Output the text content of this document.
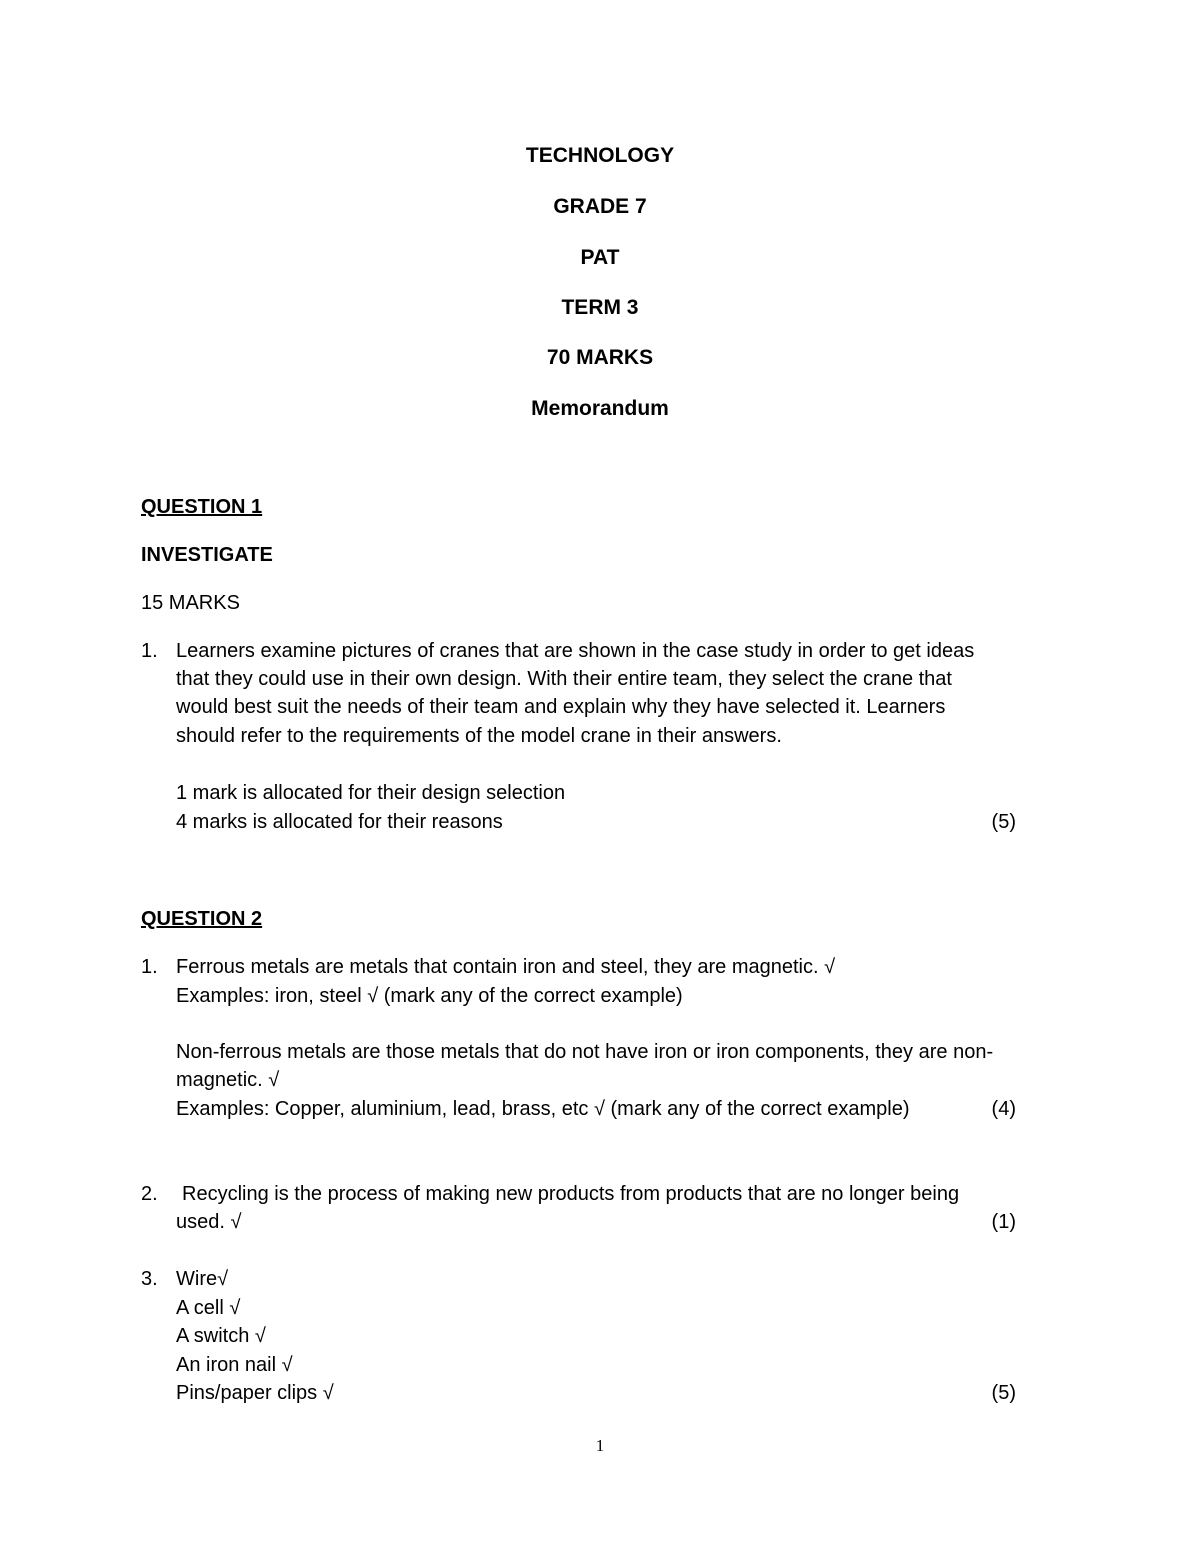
TECHNOLOGY
GRADE 7
PAT
TERM 3
70 MARKS
Memorandum
QUESTION 1
INVESTIGATE
15 MARKS
1. Learners examine pictures of cranes that are shown in the case study in order to get ideas
that they could use in their own design. With their entire team, they select the crane that
would best suit the needs of their team and explain why they have selected it. Learners
should refer to the requirements of the model crane in their answers.
1 mark is allocated for their design selection
4 marks is allocated for their reasons	(5)
QUESTION 2
1. Ferrous metals are metals that contain iron and steel, they are magnetic. √
Examples: iron, steel √ (mark any of the correct example)
Non-ferrous metals are those metals that do not have iron or iron components, they are non-
magnetic. √
Examples: Copper, aluminium, lead, brass, etc √ (mark any of the correct example)	(4)
2. Recycling is the process of making new products from products that are no longer being
used. √	(1)
3. Wire√
A cell √
A switch √
An iron nail √
Pins/paper clips √	(5)
1
